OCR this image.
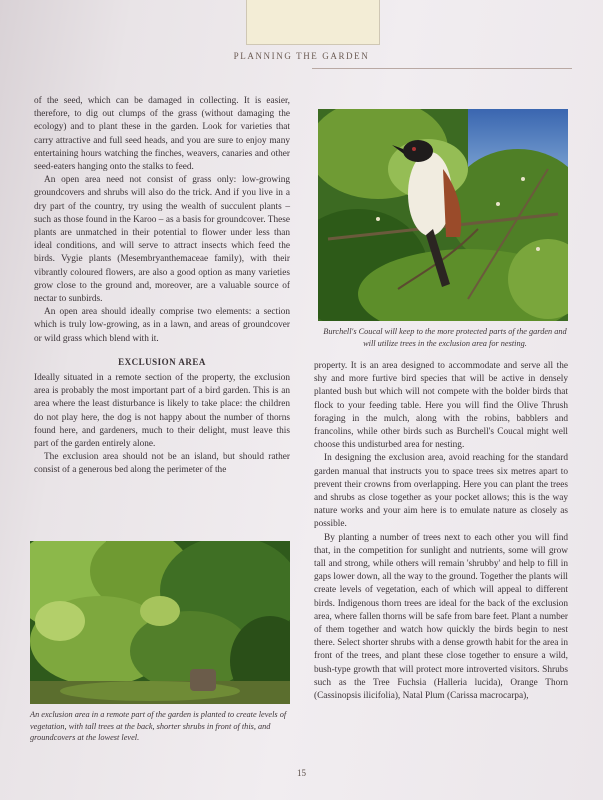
PLANNING THE GARDEN

of the seed, which can be damaged in collecting. It is easier, therefore, to dig out clumps of the grass (without damaging the ecology) and to plant these in the garden. Look for varieties that carry attractive and full seed heads, and you are sure to enjoy many entertaining hours watching the finches, weavers, canaries and other seed-eaters hanging onto the stalks to feed.

An open area need not consist of grass only: low-growing groundcovers and shrubs will also do the trick. And if you live in a dry part of the country, try using the wealth of succulent plants – such as those found in the Karoo – as a basis for groundcover. These plants are unmatched in their potential to flower under less than ideal conditions, and will serve to attract insects which feed the birds. Vygie plants (Mesembryanthemaceae family), with their vibrantly coloured flowers, are also a good option as many varieties grow close to the ground and, moreover, are a valuable source of nectar to sunbirds.

An open area should ideally comprise two elements: a section which is truly low-growing, as in a lawn, and areas of groundcover or wild grass which blend with it.

EXCLUSION AREA

Ideally situated in a remote section of the property, the exclusion area is probably the most important part of a bird garden. This is an area where the least disturbance is likely to take place: the children do not play here, the dog is not happy about the number of thorns found here, and gardeners, much to their delight, must leave this part of the garden entirely alone.

The exclusion area should not be an island, but should rather consist of a generous bed along the perimeter of the

Burchell's Coucal will keep to the more protected parts of the garden and will utilize trees in the exclusion area for nesting.

property. It is an area designed to accommodate and serve all the shy and more furtive bird species that will be active in densely planted bush but which will not compete with the bolder birds that flock to your feeding table. Here you will find the Olive Thrush foraging in the mulch, along with the robins, babblers and francolins, while other birds such as Burchell's Coucal might well choose this undisturbed area for nesting.

In designing the exclusion area, avoid reaching for the standard garden manual that instructs you to space trees six metres apart to prevent their crowns from overlapping. Here you can plant the trees and shrubs as close together as your pocket allows; this is the way nature works and your aim here is to emulate nature as closely as possible.

By planting a number of trees next to each other you will find that, in the competition for sunlight and nutrients, some will grow tall and strong, while others will remain 'shrubby' and help to fill in gaps lower down, all the way to the ground. Together the plants will create levels of vegetation, each of which will appeal to different birds. Indigenous thorn trees are ideal for the back of the exclusion area, where fallen thorns will be safe from bare feet. Plant a number of them together and watch how quickly the birds begin to nest there. Select shorter shrubs with a dense growth habit for the area in front of the trees, and plant these close together to ensure a wild, bush-type growth that will protect more introverted visitors. Shrubs such as the Tree Fuchsia (Halleria lucida), Orange Thorn (Cassinopsis ilicifolia), Natal Plum (Carissa macrocarpa),

An exclusion area in a remote part of the garden is planted to create levels of vegetation, with tall trees at the back, shorter shrubs in front of this, and groundcovers at the lowest level.
15
